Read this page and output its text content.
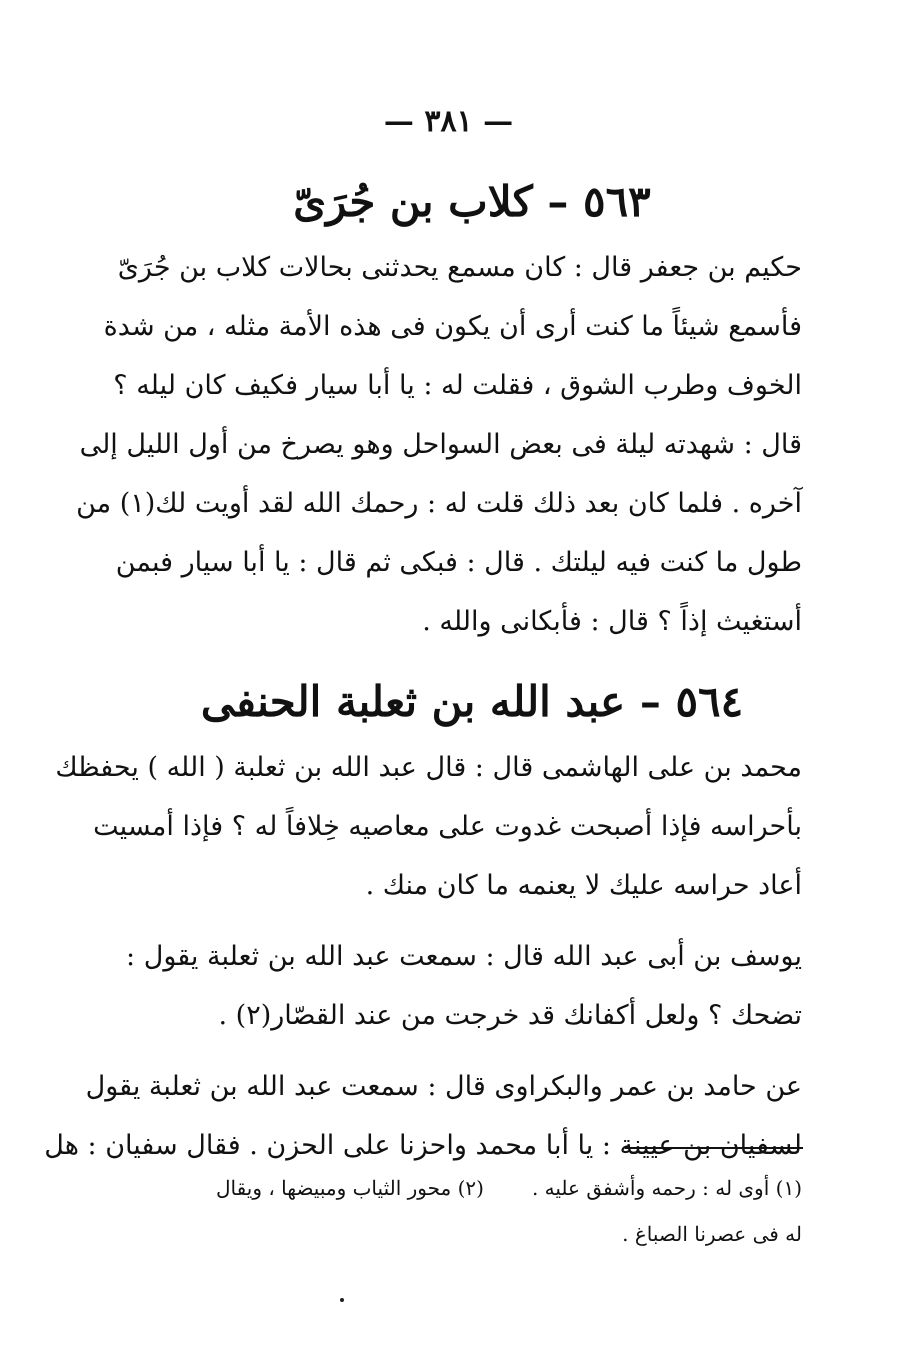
— ٣٨١ —
٥٦٣ – كلاب بن جُرَىّ
حكيم بن جعفر قال : كان مسمع يحدثنى بحالات كلاب بن جُرَىّ
فأسمع شيئاً ما كنت أرى أن يكون فى هذه الأمة مثله ، من شدة
الخوف وطرب الشوق ، فقلت له : يا أبا سيار فكيف كان ليله ؟
قال : شهدته ليلة فى بعض السواحل وهو يصرخ من أول الليل إلى
آخره . فلما كان بعد ذلك قلت له : رحمك الله لقد أويت لك(١) من
طول ما كنت فيه ليلتك . قال : فبكى ثم قال : يا أبا سيار فبمن
أستغيث إذاً ؟ قال : فأبكانى والله .
٥٦٤ – عبد الله بن ثعلبة الحنفى
محمد بن على الهاشمى قال : قال عبد الله بن ثعلبة ( الله ) يحفظك
بأحراسه فإذا أصبحت غدوت على معاصيه خِلافاً له ؟ فإذا أمسيت
أعاد حراسه عليك لا يعنمه ما كان منك .
يوسف بن أبى عبد الله قال : سمعت عبد الله بن ثعلبة يقول :
تضحك ؟ ولعل أكفانك قد خرجت من عند القصّار(٢) .
عن حامد بن عمر والبكراوى قال : سمعت عبد الله بن ثعلبة يقول
لسفيان بن عيينة : يا أبا محمد واحزنا على الحزن . فقال سفيان : هل
(١) أوى له : رحمه وأشفق عليه .(٢) محور الثياب ومبيضها ، ويقال
له فى عصرنا الصباغ .
